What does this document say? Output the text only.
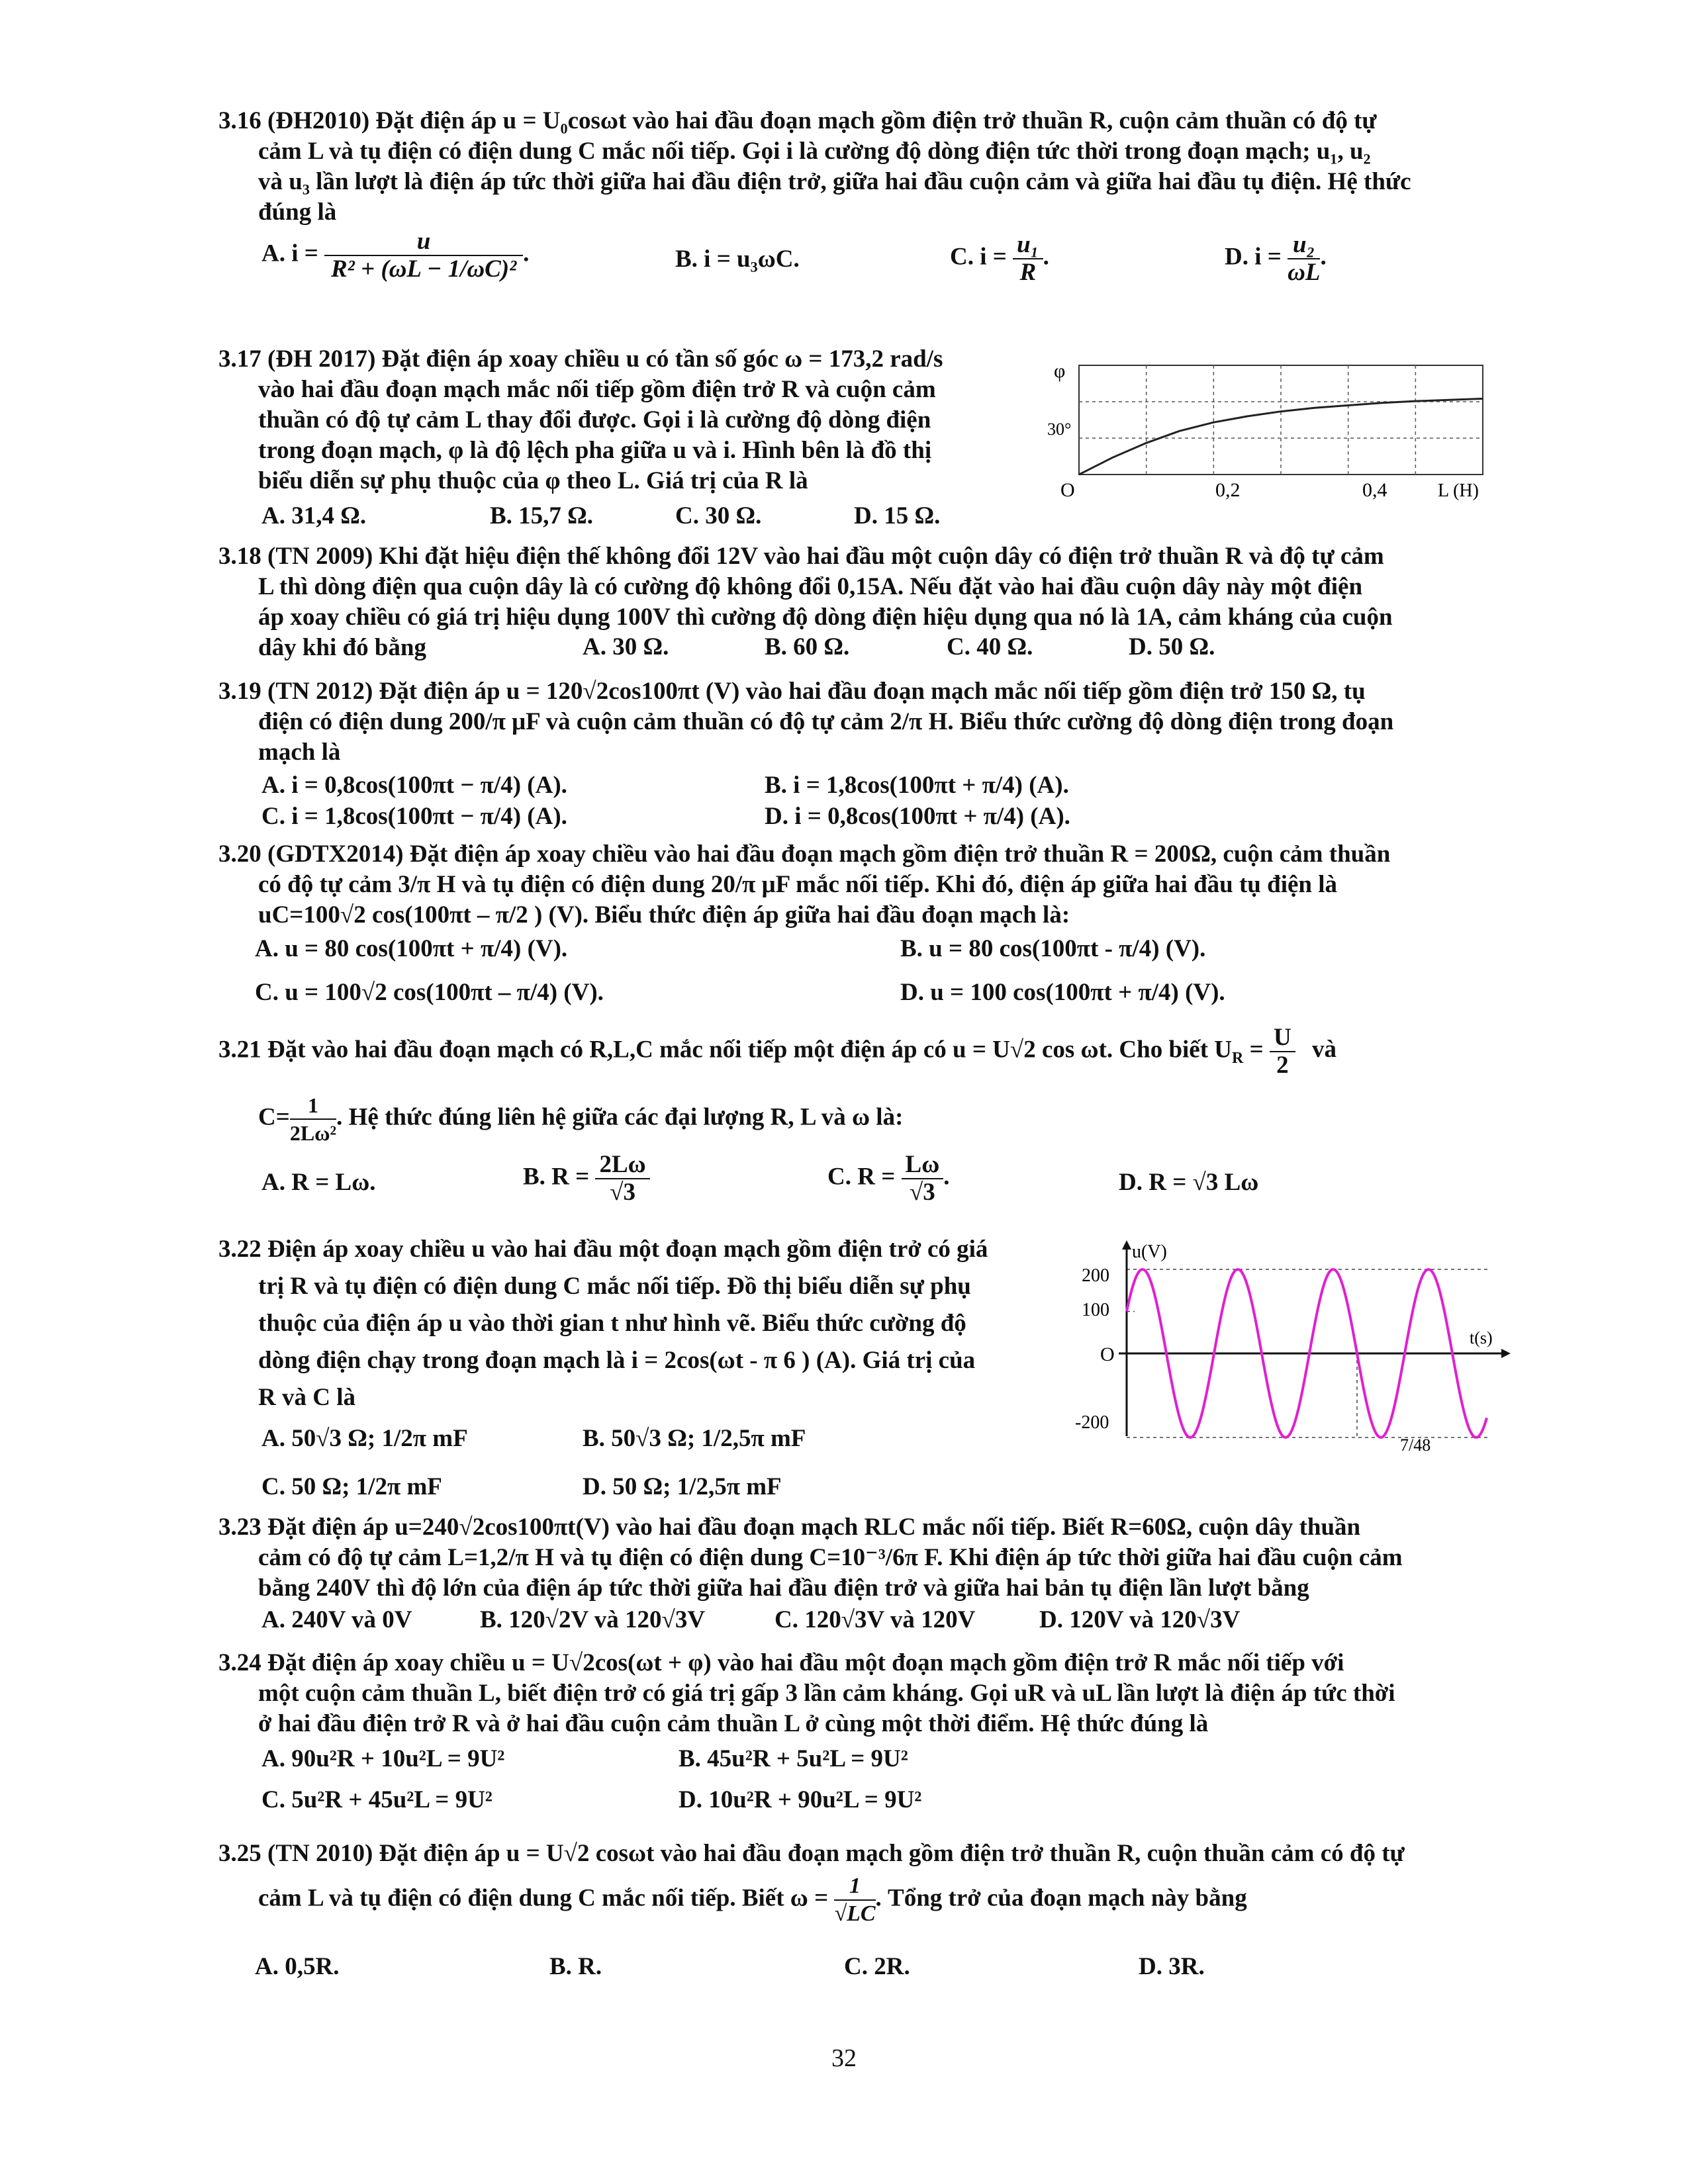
3.16 (ĐH2010) Đặt điện áp u = U₀cosωt vào hai đầu đoạn mạch gồm điện trở thuần R, cuộn cảm thuần có độ tự
cảm L và tụ điện có điện dung C mắc nối tiếp. Gọi i là cường độ dòng điện tức thời trong đoạn mạch; u₁, u₂
và u₃ lần lượt là điện áp tức thời giữa hai đầu điện trở, giữa hai đầu cuộn cảm và giữa hai đầu tụ điện. Hệ thức
đúng là
A. $i = \frac{u}{\text{R² + (ωL − 1/ωC)²}}$ .	B. i = u₃ωC.	C. $i = \frac{\text{u₁}}{R}$ .	D. $i = \frac{\text{u₂}}{\omega L}$ .
3.17 (ĐH 2017) Đặt điện áp xoay chiều u có tần số góc ω = 173,2 rad/s
vào hai đầu đoạn mạch mắc nối tiếp gồm điện trở R và cuộn cảm
thuần có độ tự cảm L thay đổi được. Gọi i là cường độ dòng điện
trong đoạn mạch, φ là độ lệch pha giữa u và i. Hình bên là đồ thị
biểu diễn sự phụ thuộc của φ theo L. Giá trị của R là
A. 31,4 Ω.	B. 15,7 Ω.	C. 30 Ω.	D. 15 Ω.
φ
30°
O	0,2	0,4	L (H)
3.18 (TN 2009) Khi đặt hiệu điện thế không đổi 12V vào hai đầu một cuộn dây có điện trở thuần R và độ tự cảm
L thì dòng điện qua cuộn dây là có cường độ không đổi 0,15A. Nếu đặt vào hai đầu cuộn dây này một điện
áp xoay chiều có giá trị hiệu dụng 100V thì cường độ dòng điện hiệu dụng qua nó là 1A, cảm kháng của cuộn
dây khi đó bằng	A. 30 Ω.	B. 60 Ω.	C. 40 Ω.	D. 50 Ω.
3.19 (TN 2012) Đặt điện áp u = 120√2cos100πt (V) vào hai đầu đoạn mạch mắc nối tiếp gồm điện trở 150 Ω, tụ
điện có điện dung 200/π μF và cuộn cảm thuần có độ tự cảm 2/π H. Biểu thức cường độ dòng điện trong đoạn
mạch là
A. i = 0,8cos(100πt − π/4) (A).	B. i = 1,8cos(100πt + π/4) (A).
C. i = 1,8cos(100πt − π/4) (A).	D. i = 0,8cos(100πt + π/4) (A).
3.20 (GDTX2014) Đặt điện áp xoay chiều vào hai đầu đoạn mạch gồm điện trở thuần R = 200Ω, cuộn cảm thuần
có độ tự cảm 3/π H và tụ điện có điện dung 20/π μF mắc nối tiếp. Khi đó, điện áp giữa hai đầu tụ điện là
uC=100√2 cos(100πt – π/2 ) (V). Biểu thức điện áp giữa hai đầu đoạn mạch là:
A. u = 80 cos(100πt + π/4) (V).	B. u = 80 cos(100πt - π/4) (V).
C. u = 100√2 cos(100πt – π/4) (V).	D. u = 100 cos(100πt + π/4) (V).
3.21 Đặt vào hai đầu đoạn mạch có R,L,C mắc nối tiếp một điện áp có u = U√2 cos ωt. Cho biết $U_R = \frac{U}{2}$ và
$C= \frac{1}{\text{2Lω²}}$ . Hệ thức đúng liên hệ giữa các đại lượng R, L và ω là:
A. R = Lω.	B. $R = \frac{2L\omega}{√3}$	C. $R = \frac{L\omega}{√3}$ .	D. R = √3 Lω
3.22 Điện áp xoay chiều u vào hai đầu một đoạn mạch gồm điện trở có giá
trị R và tụ điện có điện dung C mắc nối tiếp. Đồ thị biểu diễn sự phụ
thuộc của điện áp u vào thời gian t như hình vẽ. Biểu thức cường độ
dòng điện chạy trong đoạn mạch là i = 2cos(ωt - π 6 ) (A). Giá trị của
R và C là
A. 50√3 Ω; 1/2π mF	B. 50√3 Ω; 1/2,5π mF
C. 50 Ω; 1/2π mF	D. 50 Ω; 1/2,5π mF
u(V)
t(s)
200
100
O
-200
7/48
3.23 Đặt điện áp u=240√2cos100πt(V) vào hai đầu đoạn mạch RLC mắc nối tiếp. Biết R=60Ω, cuộn dây thuần
cảm có độ tự cảm L=1,2/π H và tụ điện có điện dung C=10⁻³/6π F. Khi điện áp tức thời giữa hai đầu cuộn cảm
bằng 240V thì độ lớn của điện áp tức thời giữa hai đầu điện trở và giữa hai bản tụ điện lần lượt bằng
A. 240V và 0V	B. 120√2V và 120√3V	C. 120√3V và 120V	D. 120V và 120√3V
3.24 Đặt điện áp xoay chiều u = U√2cos(ωt + φ) vào hai đầu một đoạn mạch gồm điện trở R mắc nối tiếp với
một cuộn cảm thuần L, biết điện trở có giá trị gấp 3 lần cảm kháng. Gọi uR và uL lần lượt là điện áp tức thời
ở hai đầu điện trở R và ở hai đầu cuộn cảm thuần L ở cùng một thời điểm. Hệ thức đúng là
A. 90u²R + 10u²L = 9U²	B. 45u²R + 5u²L = 9U²
C. 5u²R + 45u²L = 9U²	D. 10u²R + 90u²L = 9U²
3.25 (TN 2010) Đặt điện áp u = U√2 cosωt vào hai đầu đoạn mạch gồm điện trở thuần R, cuộn thuần cảm có độ tự
cảm L và tụ điện có điện dung C mắc nối tiếp. Biết $\omega = \frac{1}{√LC}$ . Tổng trở của đoạn mạch này bằng
A. 0,5R.	B. R.	C. 2R.	D. 3R.
32
